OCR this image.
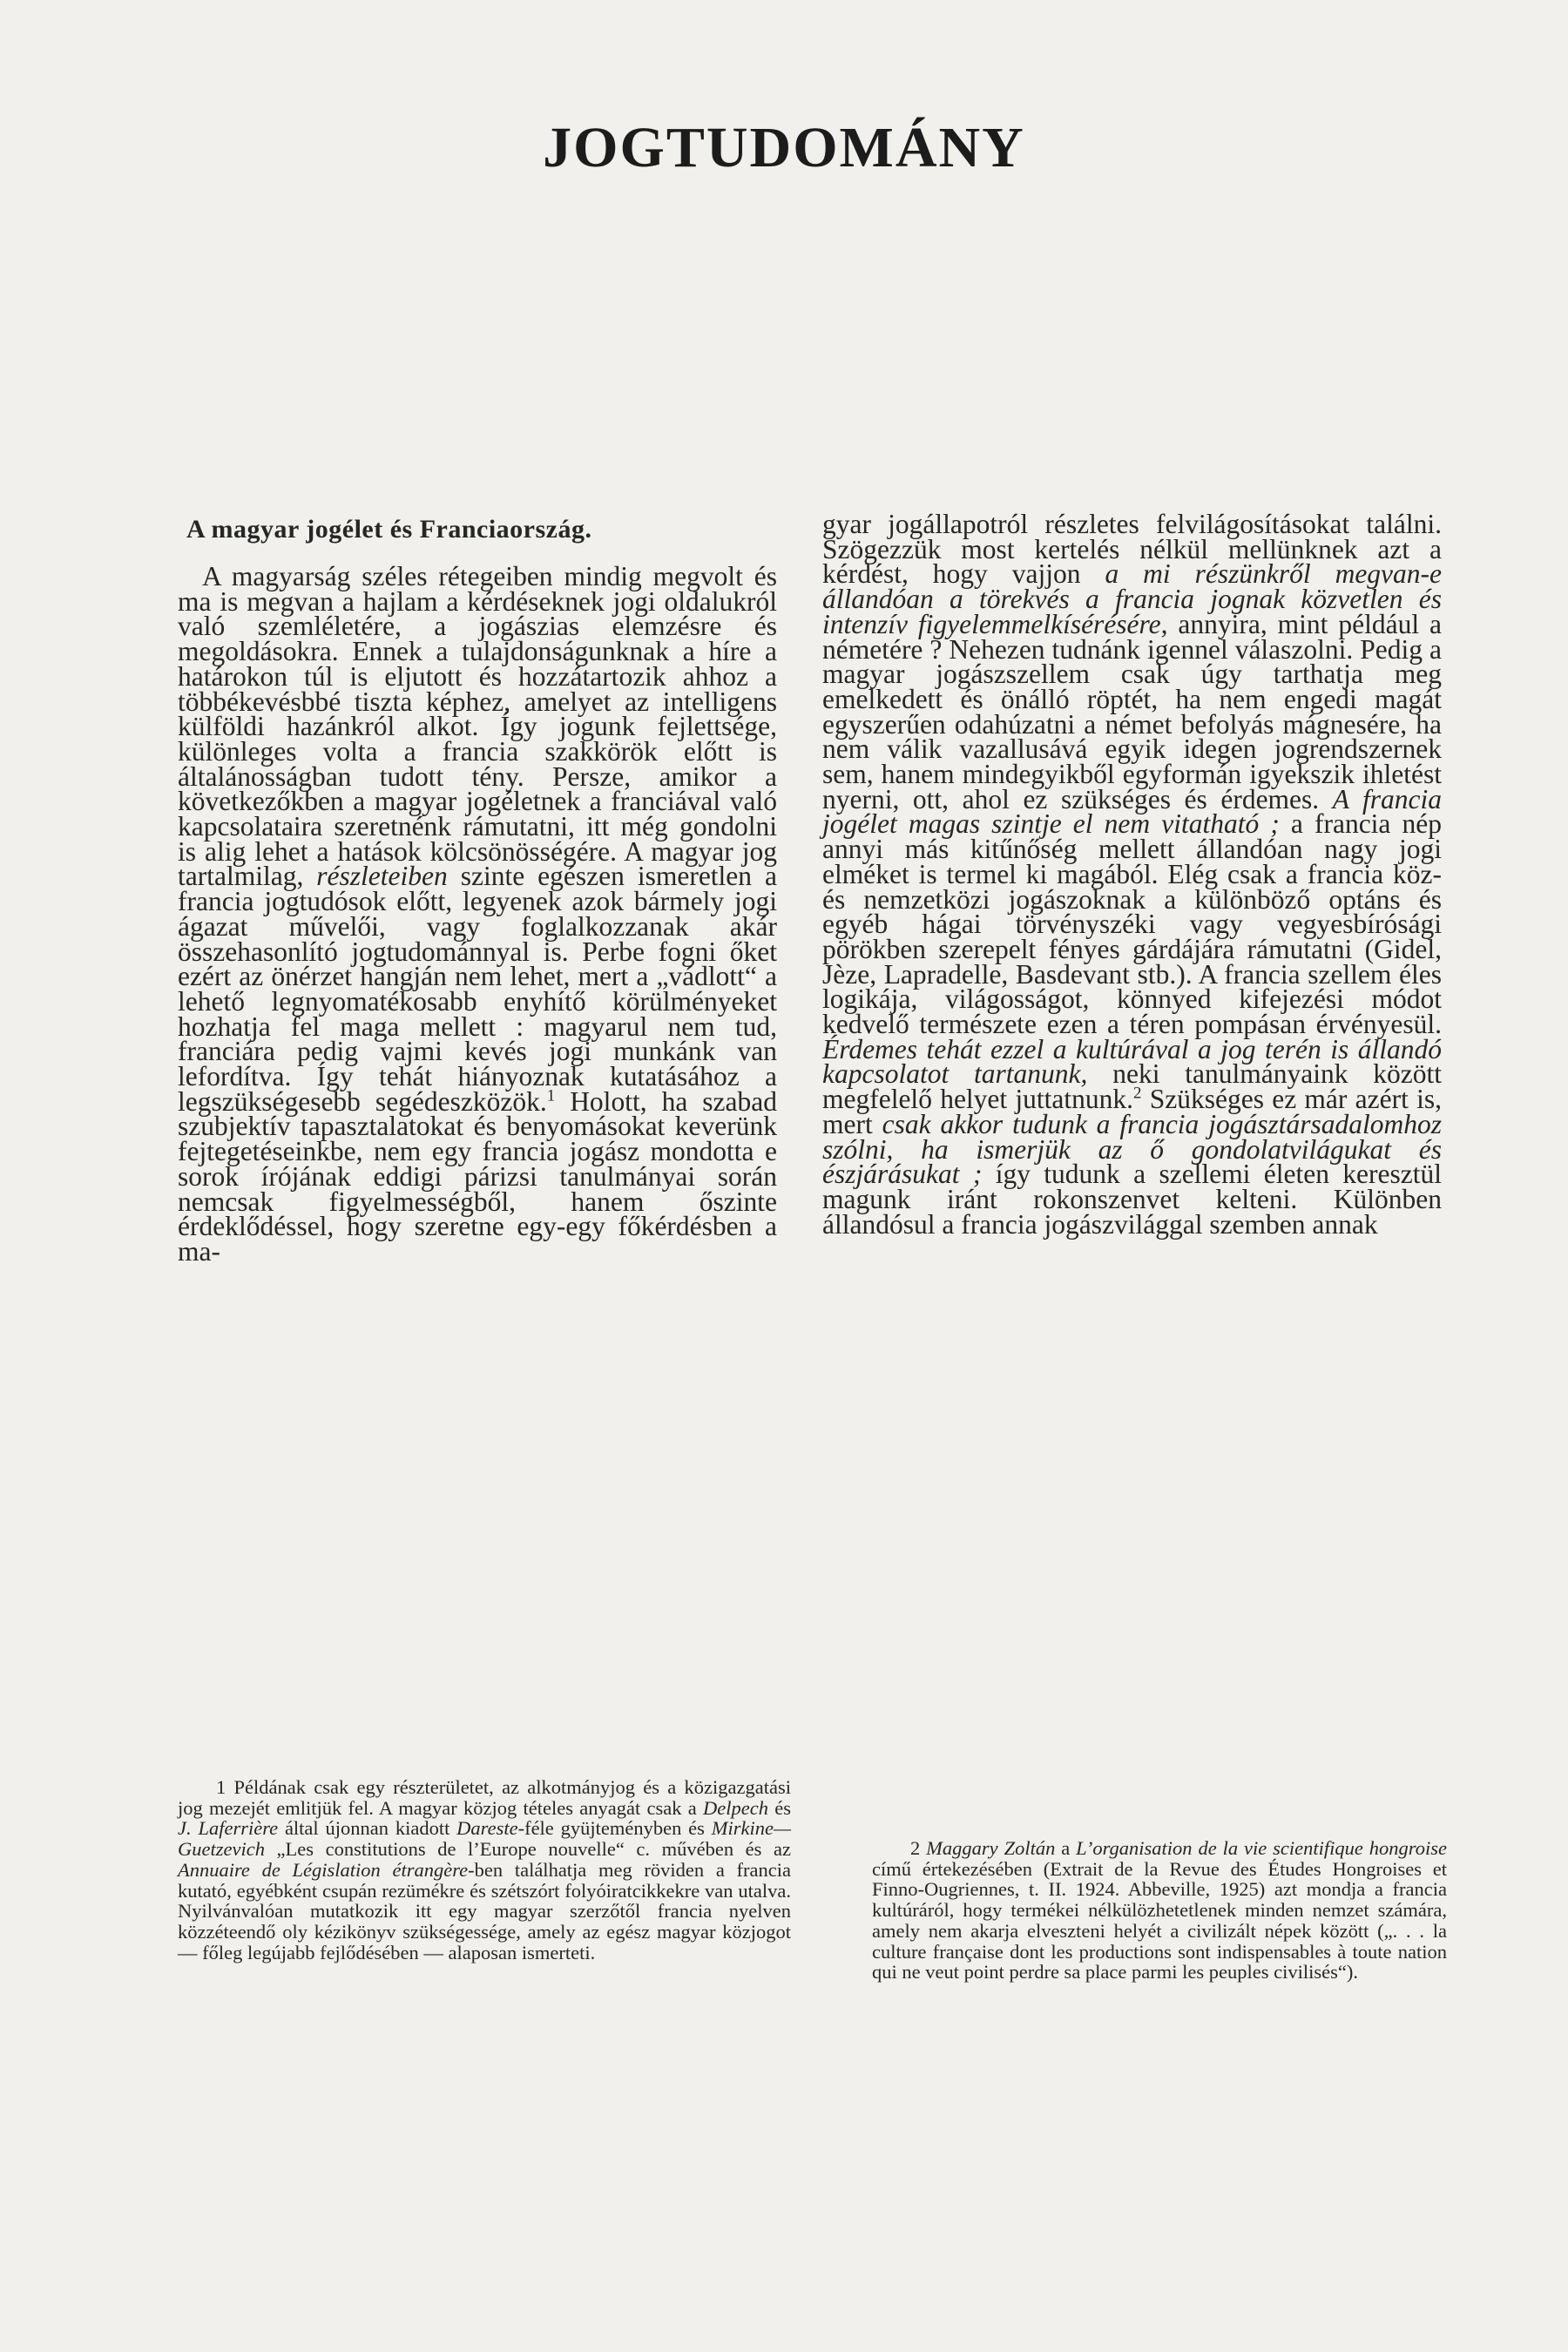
JOGTUDOMÁNY
A magyar jogélet és Franciaország.

A magyarság széles rétegeiben mindig megvolt és ma is megvan a hajlam a kérdéseknek jogi oldalukról való szemléletére, a jogászias elemzésre és megoldásokra. Ennek a tulajdonságunknak a híre a határokon túl is eljutott és hozzátartozik ahhoz a többékevésbbé tiszta képhez, amelyet az intelligens külföldi hazánkról alkot. Így jogunk fejlettsége, különleges volta a francia szakkörök előtt is általánosságban tudott tény. Persze, amikor a következőkben a magyar jogéletnek a franciával való kapcsolataira szeretnénk rámutatni, itt még gondolni is alig lehet a hatások kölcsönösségére. A magyar jog tartalmilag, részleteiben szinte egészen ismeretlen a francia jogtudósok előtt, legyenek azok bármely jogi ágazat művelői, vagy foglalkozzanak akár összehasonlító jogtudománnyal is. Perbe fogni őket ezért az önérzet hangján nem lehet, mert a „vádlott“ a lehető legnyomatékosabb enyhítő körülményeket hozhatja fel maga mellett : magyarul nem tud, franciára pedig vajmi kevés jogi munkánk van lefordítva. Így tehát hiányoznak kutatásához a legszükségesebb segédeszközök.$^1$ Holott, ha szabad szubjektív tapasztalatokat és benyomásokat keverünk fejtegetéseinkbe, nem egy francia jogász mondotta e sorok írójának eddigi párizsi tanulmányai során nemcsak figyelmességből, hanem őszinte érdeklődéssel, hogy szeretne egy-egy főkérdésben a ma-

gyar jogállapotról részletes felvilágosításokat találni. Szögezzük most kertelés nélkül mellünknek azt a kérdést, hogy vajjon a mi részünkről megvan-e állandóan a törekvés a francia jognak közvetlen és intenzív figyelemmelkísérésére, annyira, mint például a németére ? Nehezen tudnánk igennel válaszolni. Pedig a magyar jogászszellem csak úgy tarthatja meg emelkedett és önálló röptét, ha nem engedi magát egyszerűen odahúzatni a német befolyás mágnesére, ha nem válik vazallusává egyik idegen jogrendszernek sem, hanem mindegyikből egyformán igyekszik ihletést nyerni, ott, ahol ez szükséges és érdemes. A francia jogélet magas szintje el nem vitatható ; a francia nép annyi más kitűnőség mellett állandóan nagy jogi elméket is termel ki magából. Elég csak a francia köz- és nemzetközi jogászoknak a különböző optáns és egyéb hágai törvényszéki vagy vegyesbírósági pörökben szerepelt fényes gárdájára rámutatni (Gidel, Jèze, Lapradelle, Basdevant stb.). A francia szellem éles logikája, világosságot, könnyed kifejezési módot kedvelő természete ezen a téren pompásan érvényesül. Érdemes tehát ezzel a kultúrával a jog terén is állandó kapcsolatot tartanunk, neki tanulmányaink között megfelelő helyet juttatnunk.$^2$ Szükséges ez már azért is, mert csak akkor tudunk a francia jogásztársadalomhoz szólni, ha ismerjük az ő gondolatvilágukat és észjárásukat ; így tudunk a szellemi életen keresztül magunk iránt rokonszenvet kelteni. Különben állandósul a francia jogászvilággal szemben annak

1 Példának csak egy részterületet, az alkotmányjog és a közigazgatási jog mezejét emlitjük fel. A magyar közjog tételes anyagát csak a Delpech és J. Laferrière által újonnan kiadott Dareste-féle gyüjteményben és Mirkine—Guetzevich „Les constitutions de l’Europe nouvelle“ c. művében és az Annuaire de Législation étrangère-ben találhatja meg röviden a francia kutató, egyébként csupán rezümékre és szétszórt folyóiratcikkekre van utalva. Nyilvánvalóan mutatkozik itt egy magyar szerzőtől francia nyelven közzéteendő oly kézikönyv szükségessége, amely az egész magyar közjogot — főleg legújabb fejlődésében — alaposan ismerteti.

2 Maggary Zoltán a L’organisation de la vie scientifique hongroise című értekezésében (Extrait de la Revue des Études Hongroises et Finno-Ougriennes, t. II. 1924. Abbeville, 1925) azt mondja a francia kultúráról, hogy termékei nélkülözhetetlenek minden nemzet számára, amely nem akarja elveszteni helyét a civilizált népek között („. . . la culture française dont les productions sont indispensables à toute nation qui ne veut point perdre sa place parmi les peuples civilisés“).
